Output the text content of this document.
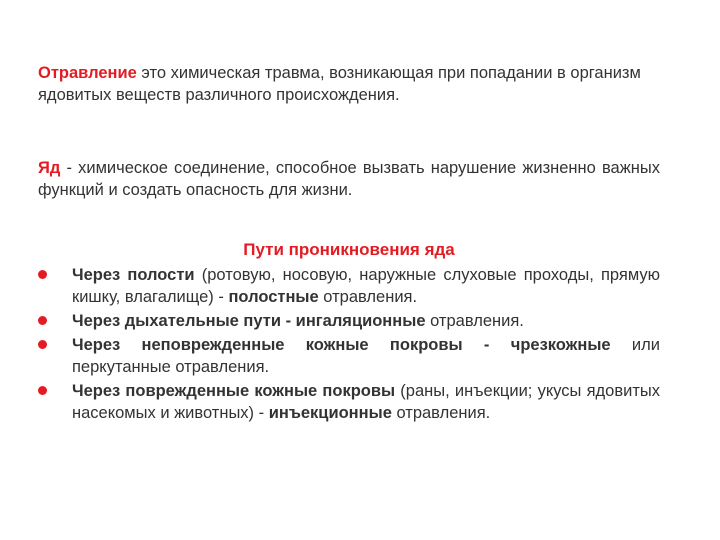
Отравление это химическая травма, возникающая при попадании в организм ядовитых веществ различного происхождения.

Яд - химическое соединение, способное вызвать нарушение жизненно важных функций и создать опасность для жизни.

Пути проникновения яда
Через полости (ротовую, носовую, наружные слуховые проходы, прямую кишку, влагалище) - полостные отравления.
Через дыхательные пути - ингаляционные отравления.
Через неповрежденные кожные покровы - чрезкожные или перкутанные отравления.
Через поврежденные кожные покровы (раны, инъекции; укусы ядовитых насекомых и животных) - инъекционные отравления.
